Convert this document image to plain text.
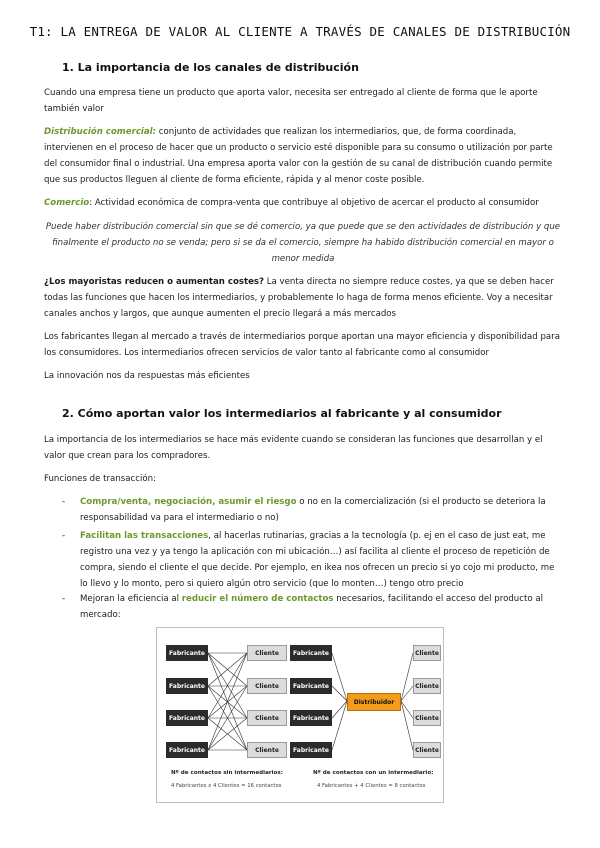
T1: LA ENTREGA DE VALOR AL CLIENTE A TRAVÉS DE CANALES DE DISTRIBUCIÓN
1. La importancia de los canales de distribución
Cuando una empresa tiene un producto que aporta valor, necesita ser entregado al cliente de forma que le aporte también valor
Distribución comercial: conjunto de actividades que realizan los intermediarios, que, de forma coordinada, intervienen en el proceso de hacer que un producto o servicio esté disponible para su consumo o utilización por parte del consumidor final o industrial. Una empresa aporta valor con la gestión de su canal de distribución cuando permite que sus productos lleguen al cliente de forma eficiente, rápida y al menor coste posible.
Comercio: Actividad económica de compra-venta que contribuye al objetivo de acercar el producto al consumidor
Puede haber distribución comercial sin que se dé comercio, ya que puede que se den actividades de distribución y que finalmente el producto no se venda; pero si se da el comercio, siempre ha habido distribución comercial en mayor o menor medida
¿Los mayoristas reducen o aumentan costes? La venta directa no siempre reduce costes, ya que se deben hacer todas las funciones que hacen los intermediarios, y probablemente lo haga de forma menos eficiente. Voy a necesitar canales anchos y largos, que aunque aumenten el precio llegará a más mercados
Los fabricantes llegan al mercado a través de intermediarios porque aportan una mayor eficiencia y disponibilidad para los consumidores. Los intermediarios ofrecen servicios de valor tanto al fabricante como al consumidor
La innovación nos da respuestas más eficientes
2. Cómo aportan valor los intermediarios al fabricante y al consumidor
La importancia de los intermediarios se hace más evidente cuando se consideran las funciones que desarrollan y el valor que crean para los compradores.
Funciones de transacción:
- Compra/venta, negociación, asumir el riesgo o no en la comercialización (si el producto se deteriora la responsabilidad va para el intermediario o no)
- Facilitan las transacciones, al hacerlas rutinarias, gracias a la tecnología (p. ej en el caso de just eat, me registro una vez y ya tengo la aplicación con mi ubicación…) así facilita al cliente el proceso de repetición de compra, siendo el cliente el que decide. Por ejemplo, en ikea nos ofrecen un precio si yo cojo mi producto, me lo llevo y lo monto, pero si quiero algún otro servicio (que lo monten…) tengo otro precio
- Mejoran la eficiencia al reducir el número de contactos necesarios, facilitando el acceso del producto al mercado:
Fabricante
Fabricante
Fabricante
Fabricante
Cliente
Cliente
Cliente
Cliente
Fabricante
Fabricante
Fabricante
Fabricante
Distribuidor
Cliente
Cliente
Cliente
Cliente
Nº de contactos sin intermediarios:
4 Fabricantes x 4 Clientes = 16 contactos
Nº de contactos con un intermediario:
4 Fabricantes + 4 Clientes = 8 contactos
